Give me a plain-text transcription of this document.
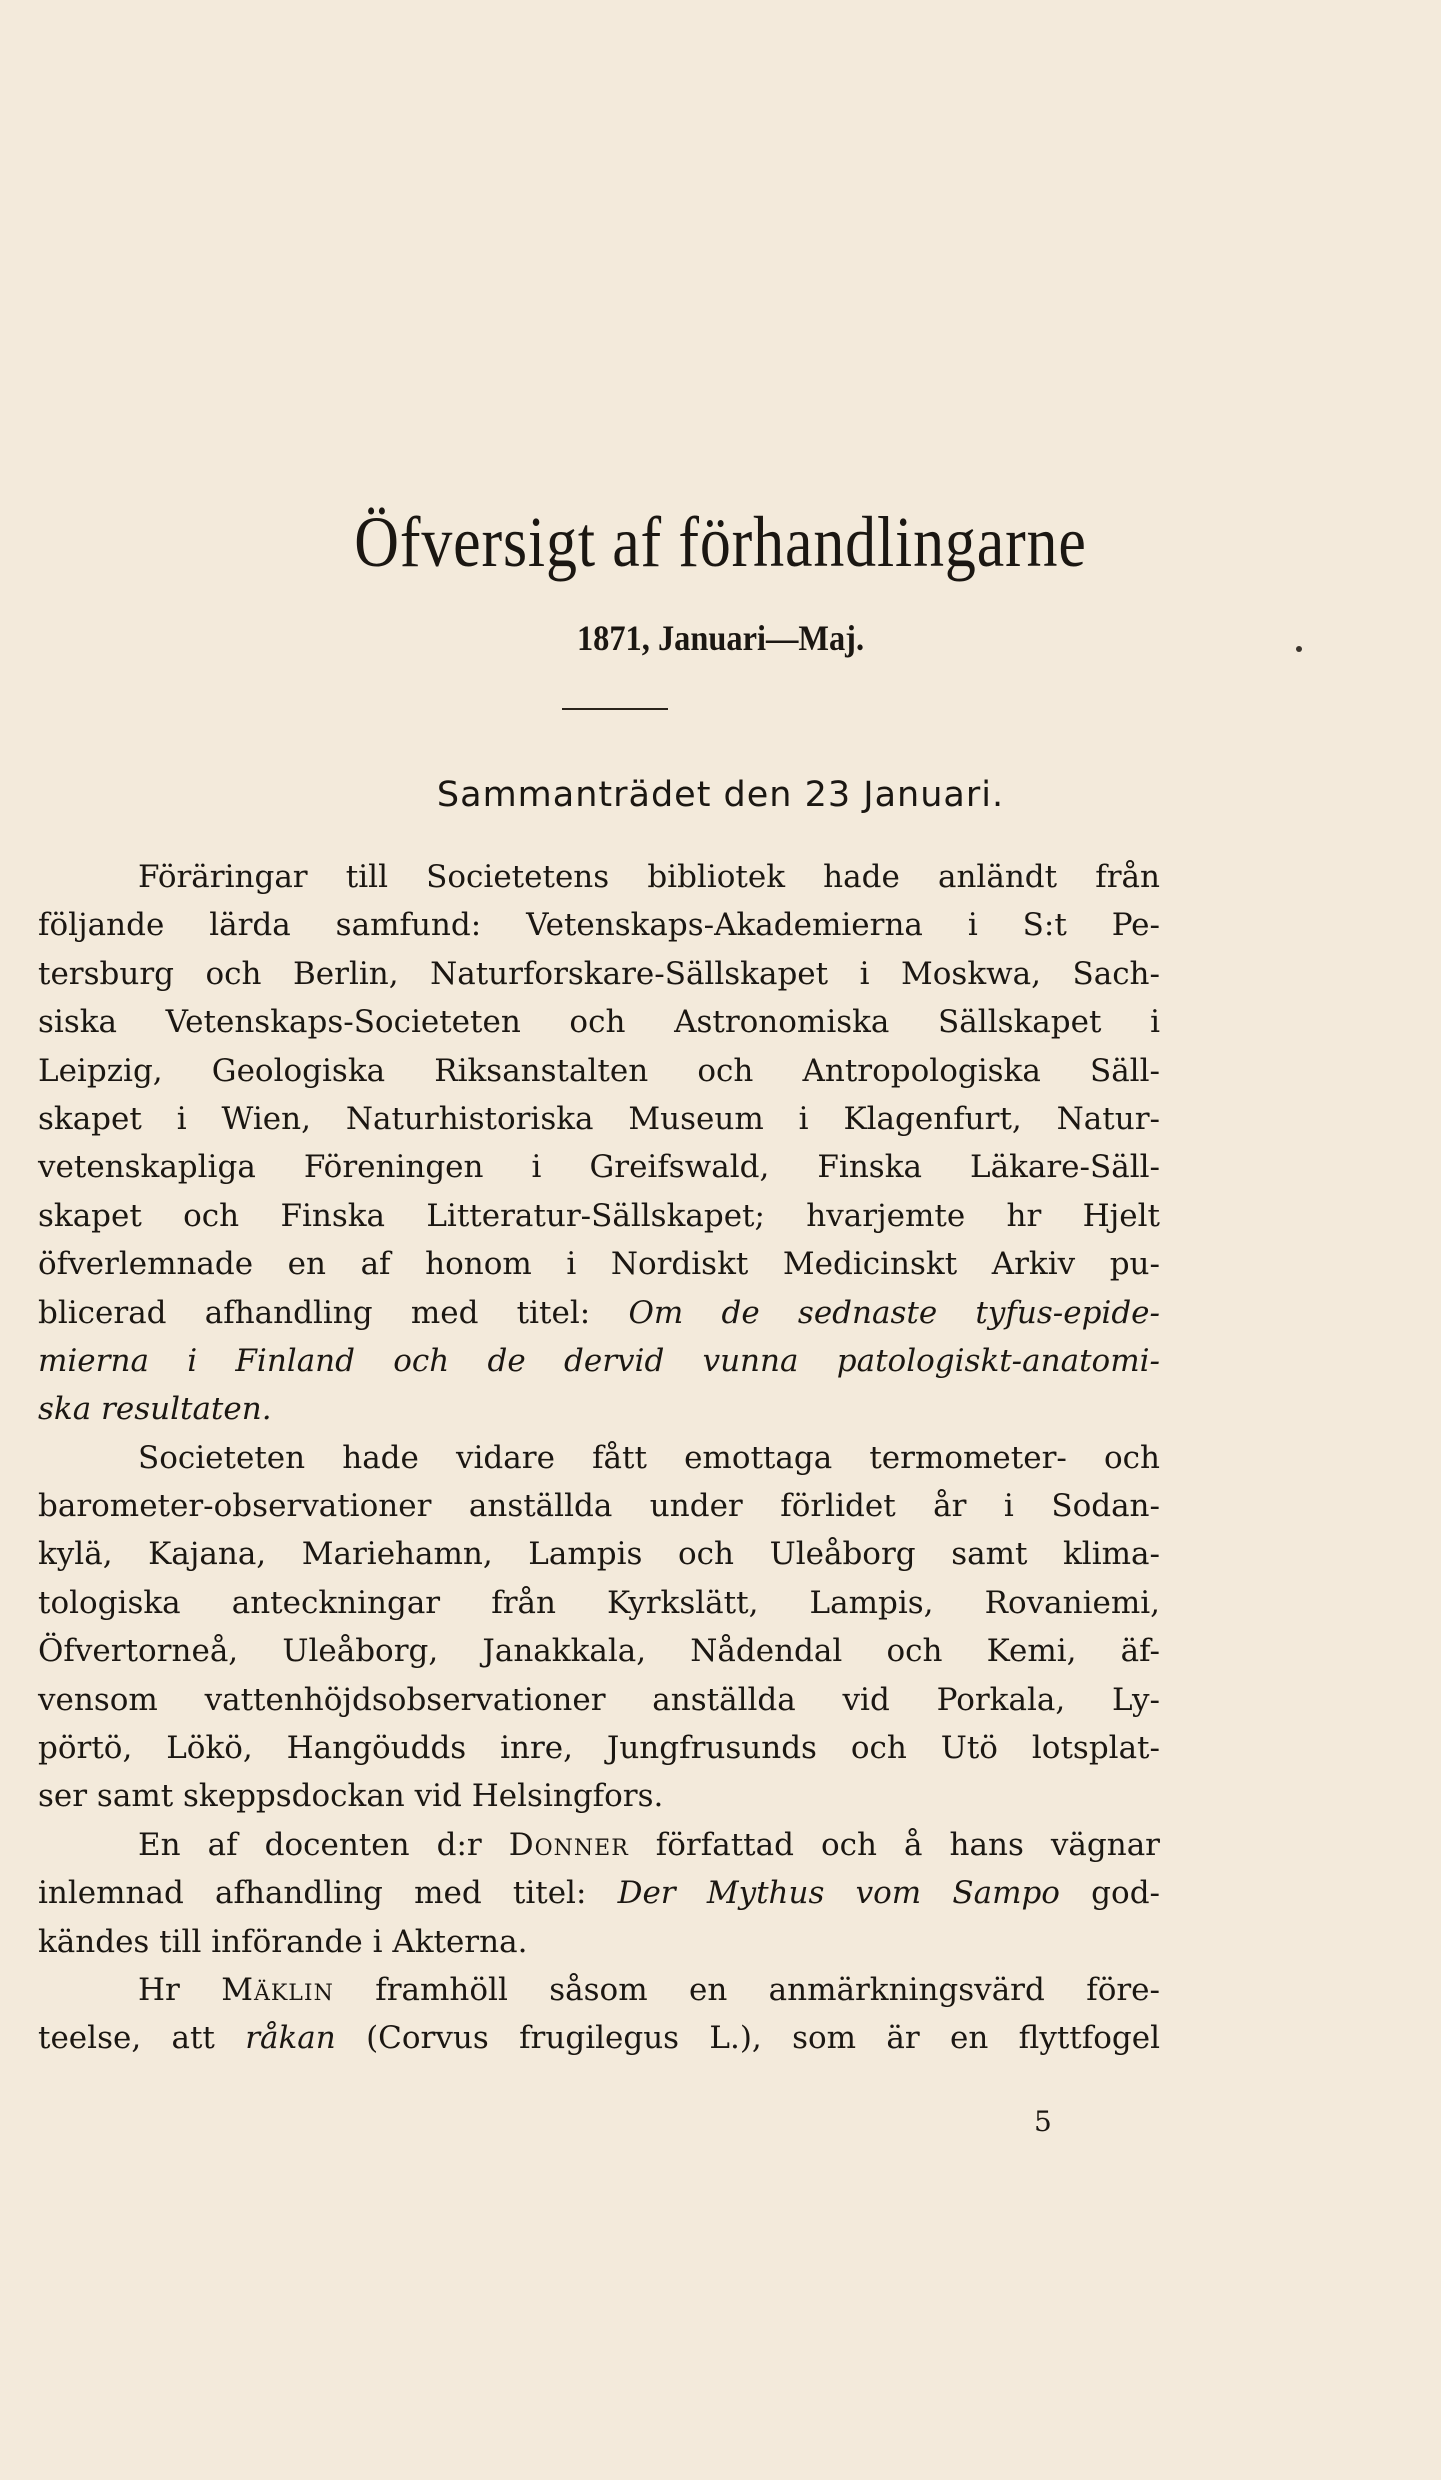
Öfversigt af förhandlingarne
1871, Januari—Maj.
Sammanträdet den 23 Januari.
Föräringar till Societetens bibliotek hade anländt från
följande lärda samfund: Vetenskaps-Akademierna i S:t Pe-
tersburg och Berlin, Naturforskare-Sällskapet i Moskwa, Sach-
siska Vetenskaps-Societeten och Astronomiska Sällskapet i
Leipzig, Geologiska Riksanstalten och Antropologiska Säll-
skapet i Wien, Naturhistoriska Museum i Klagenfurt, Natur-
vetenskapliga Föreningen i Greifswald, Finska Läkare-Säll-
skapet och Finska Litteratur-Sällskapet; hvarjemte hr Hjelt
öfverlemnade en af honom i Nordiskt Medicinskt Arkiv pu-
blicerad afhandling med titel: Om de sednaste tyfus-epide-
mierna i Finland och de dervid vunna patologiskt-anatomi-
ska resultaten.
Societeten hade vidare fått emottaga termometer- och
barometer-observationer anställda under förlidet år i Sodan-
kylä, Kajana, Mariehamn, Lampis och Uleåborg samt klima-
tologiska anteckningar från Kyrkslätt, Lampis, Rovaniemi,
Öfvertorneå, Uleåborg, Janakkala, Nådendal och Kemi, äf-
vensom vattenhöjdsobservationer anställda vid Porkala, Ly-
pörtö, Lökö, Hangöudds inre, Jungfrusunds och Utö lotsplat-
ser samt skeppsdockan vid Helsingfors.
En af docenten d:r Donner författad och å hans vägnar
inlemnad afhandling med titel: Der Mythus vom Sampo god-
kändes till införande i Akterna.
Hr Mäklin framhöll såsom en anmärkningsvärd före-
teelse, att råkan (Corvus frugilegus L.), som är en flyttfogel
5
